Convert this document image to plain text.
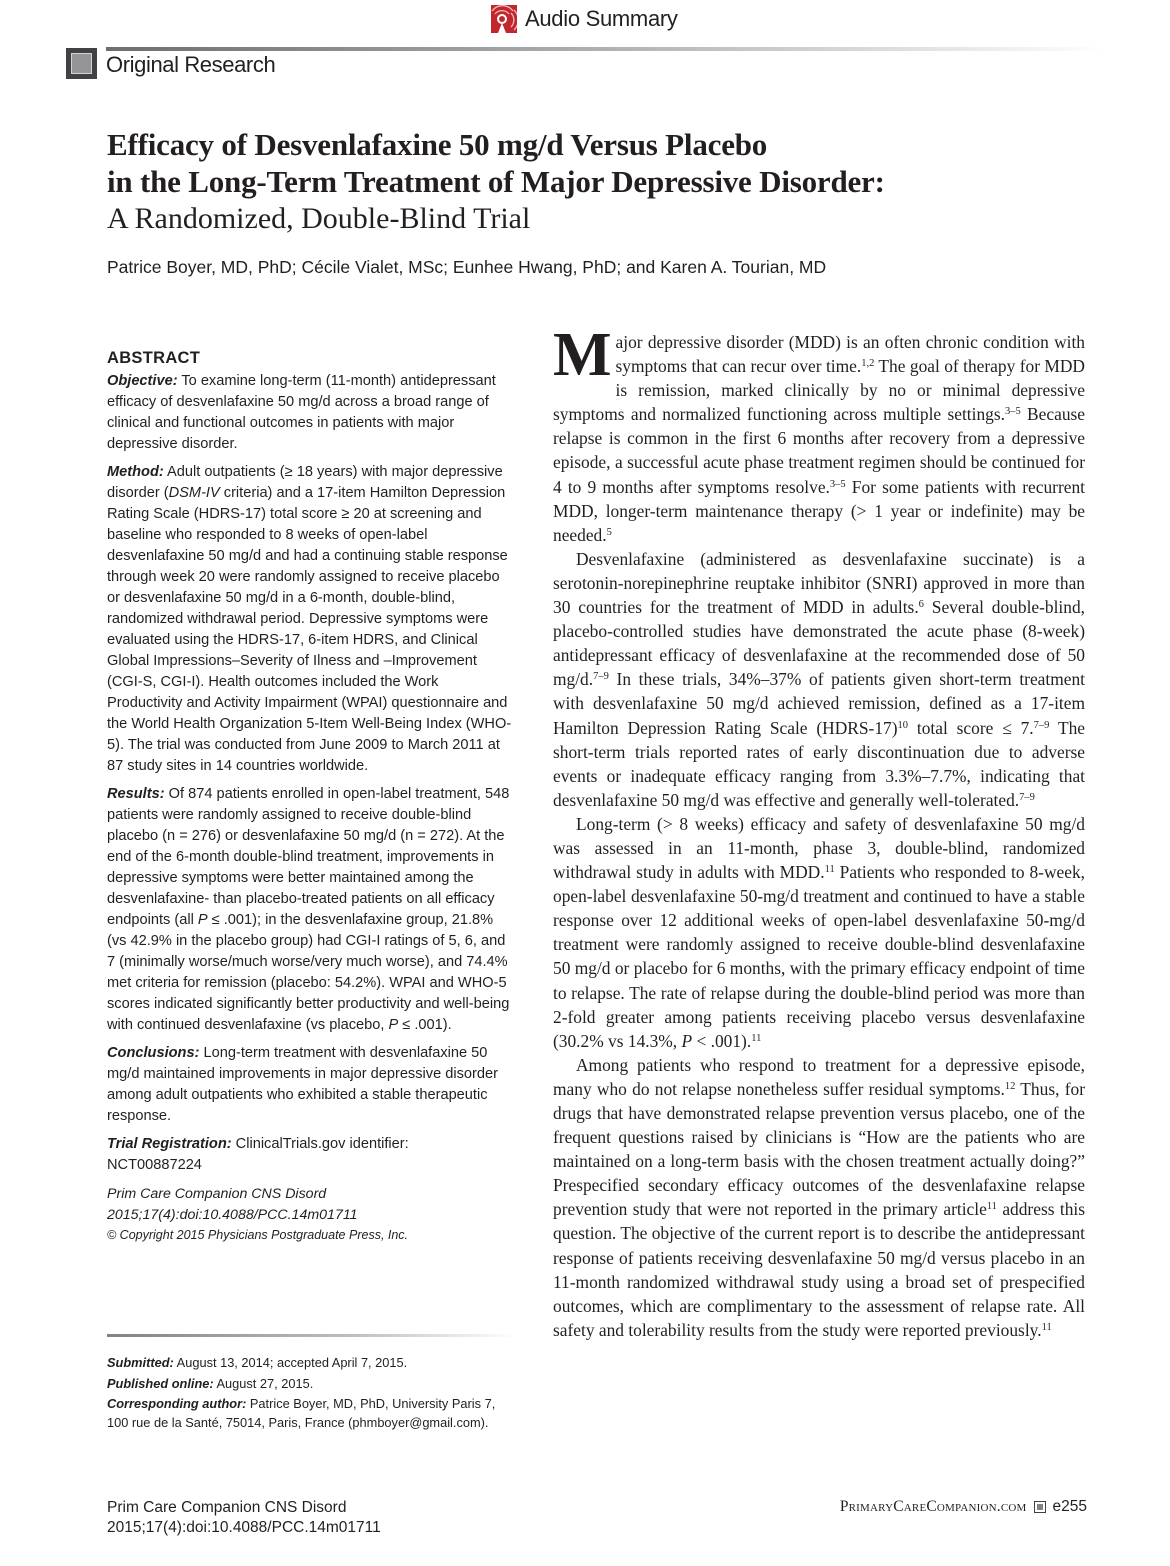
Audio Summary
Original Research
Efficacy of Desvenlafaxine 50 mg/d Versus Placebo
in the Long-Term Treatment of Major Depressive Disorder:
A Randomized, Double-Blind Trial
Patrice Boyer, MD, PhD; Cécile Vialet, MSc; Eunhee Hwang, PhD; and Karen A. Tourian, MD
ABSTRACT

Objective: To examine long-term (11-month) antidepressant efficacy of desvenlafaxine 50 mg/d across a broad range of clinical and functional outcomes in patients with major depressive disorder.

Method: Adult outpatients (≥ 18 years) with major depressive disorder (DSM-IV criteria) and a 17-item Hamilton Depression Rating Scale (HDRS-17) total score ≥ 20 at screening and baseline who responded to 8 weeks of open-label desvenlafaxine 50 mg/d and had a continuing stable response through week 20 were randomly assigned to receive placebo or desvenlafaxine 50 mg/d in a 6-month, double-blind, randomized withdrawal period. Depressive symptoms were evaluated using the HDRS-17, 6-item HDRS, and Clinical Global Impressions–Severity of Ilness and –Improvement (CGI-S, CGI-I). Health outcomes included the Work Productivity and Activity Impairment (WPAI) questionnaire and the World Health Organization 5-Item Well-Being Index (WHO-5). The trial was conducted from June 2009 to March 2011 at 87 study sites in 14 countries worldwide.

Results: Of 874 patients enrolled in open-label treatment, 548 patients were randomly assigned to receive double-blind placebo (n = 276) or desvenlafaxine 50 mg/d (n = 272). At the end of the 6-month double-blind treatment, improvements in depressive symptoms were better maintained among the desvenlafaxine- than placebo-treated patients on all efficacy endpoints (all P ≤ .001); in the desvenlafaxine group, 21.8% (vs 42.9% in the placebo group) had CGI-I ratings of 5, 6, and 7 (minimally worse/much worse/very much worse), and 74.4% met criteria for remission (placebo: 54.2%). WPAI and WHO-5 scores indicated significantly better productivity and well-being with continued desvenlafaxine (vs placebo, P ≤ .001).

Conclusions: Long-term treatment with desvenlafaxine 50 mg/d maintained improvements in major depressive disorder among adult outpatients who exhibited a stable therapeutic response.

Trial Registration: ClinicalTrials.gov identifier:
NCT00887224

Prim Care Companion CNS Disord
2015;17(4):doi:10.4088/PCC.14m01711
© Copyright 2015 Physicians Postgraduate Press, Inc.

Submitted: August 13, 2014; accepted April 7, 2015.

Published online: August 27, 2015.

Corresponding author: Patrice Boyer, MD, PhD, University Paris 7, 100 rue de la Santé, 75014, Paris, France (phmboyer@gmail.com).

Major depressive disorder (MDD) is an often chronic condition with symptoms that can recur over time.$^{1,2}$ The goal of therapy for MDD is remission, marked clinically by no or minimal depressive symptoms and normalized functioning across multiple settings.$^{3-5}$ Because relapse is common in the first 6 months after recovery from a depressive episode, a successful acute phase treatment regimen should be continued for 4 to 9 months after symptoms resolve.$^{3-5}$ For some patients with recurrent MDD, longer-term maintenance therapy (> 1 year or indefinite) may be needed.$^5$

Desvenlafaxine (administered as desvenlafaxine succinate) is a serotonin-norepinephrine reuptake inhibitor (SNRI) approved in more than 30 countries for the treatment of MDD in adults.$^6$ Several double-blind, placebo-controlled studies have demonstrated the acute phase (8-week) antidepressant efficacy of desvenlafaxine at the recommended dose of 50 mg/d.$^{7-9}$ In these trials, 34%–37% of patients given short-term treatment with desvenlafaxine 50 mg/d achieved remission, defined as a 17-item Hamilton Depression Rating Scale (HDRS-17)$^{10}$ total score ≤ 7.$^{7-9}$ The short-term trials reported rates of early discontinuation due to adverse events or inadequate efficacy ranging from 3.3%–7.7%, indicating that desvenlafaxine 50 mg/d was effective and generally well-tolerated.$^{7-9}$

Long-term (> 8 weeks) efficacy and safety of desvenlafaxine 50 mg/d was assessed in an 11-month, phase 3, double-blind, randomized withdrawal study in adults with MDD.$^{11}$ Patients who responded to 8-week, open-label desvenlafaxine 50-mg/d treatment and continued to have a stable response over 12 additional weeks of open-label desvenlafaxine 50-mg/d treatment were randomly assigned to receive double-blind desvenlafaxine 50 mg/d or placebo for 6 months, with the primary efficacy endpoint of time to relapse. The rate of relapse during the double-blind period was more than 2-fold greater among patients receiving placebo versus desvenlafaxine (30.2% vs 14.3%, P < .001).$^{11}$

Among patients who respond to treatment for a depressive episode, many who do not relapse nonetheless suffer residual symptoms.$^{12}$ Thus, for drugs that have demonstrated relapse prevention versus placebo, one of the frequent questions raised by clinicians is “How are the patients who are maintained on a long-term basis with the chosen treatment actually doing?” Prespecified secondary efficacy outcomes of the desvenlafaxine relapse prevention study that were not reported in the primary article$^{11}$ address this question. The objective of the current report is to describe the antidepressant response of patients receiving desvenlafaxine 50 mg/d versus placebo in an 11-month randomized withdrawal study using a broad set of prespecified outcomes, which are complimentary to the assessment of relapse rate. All safety and tolerability results from the study were reported previously.$^{11}$

Prim Care Companion CNS Disord
2015;17(4):doi:10.4088/PCC.14m01711
PrimaryCareCompanion.com e255
